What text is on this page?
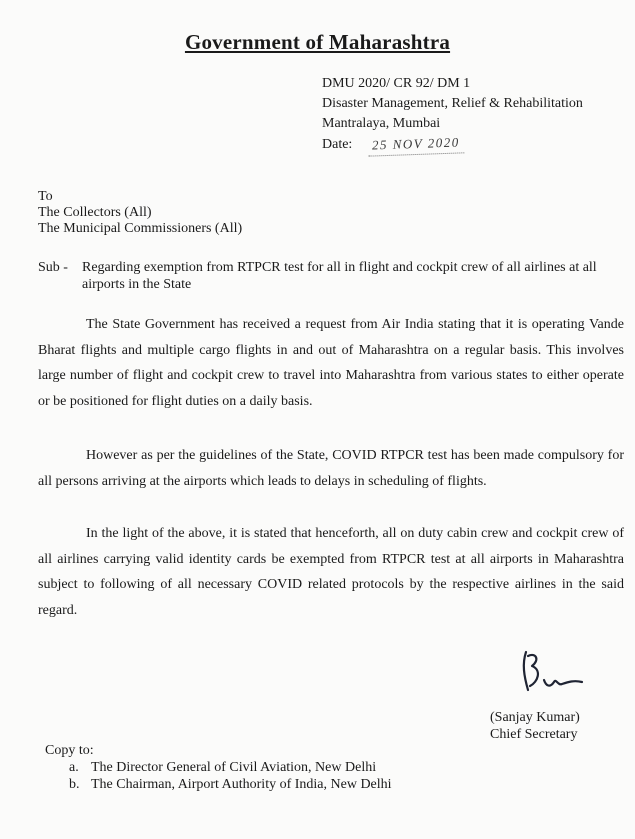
Government of Maharashtra
DMU 2020/ CR 92/ DM 1
Disaster Management, Relief & Rehabilitation
Mantralaya, Mumbai
Date:	25 NOV 2020
To
The Collectors (All)
The Municipal Commissioners (All)
Sub -	Regarding exemption from RTPCR test for all in flight and cockpit crew of all airlines at all airports in the State
The State Government has received a request from Air India stating that it is operating Vande Bharat flights and multiple cargo flights in and out of Maharashtra on a regular basis. This involves large number of flight and cockpit crew to travel into Maharashtra from various states to either operate or be positioned for flight duties on a daily basis.
However as per the guidelines of the State, COVID RTPCR test has been made compulsory for all persons arriving at the airports which leads to delays in scheduling of flights.
In the light of the above, it is stated that henceforth, all on duty cabin crew and cockpit crew of all airlines carrying valid identity cards be exempted from RTPCR test at all airports in Maharashtra subject to following of all necessary COVID related protocols by the respective airlines in the said regard.
(Sanjay Kumar)
Chief Secretary
Copy to:
a. The Director General of Civil Aviation, New Delhi
b. The Chairman, Airport Authority of India, New Delhi
